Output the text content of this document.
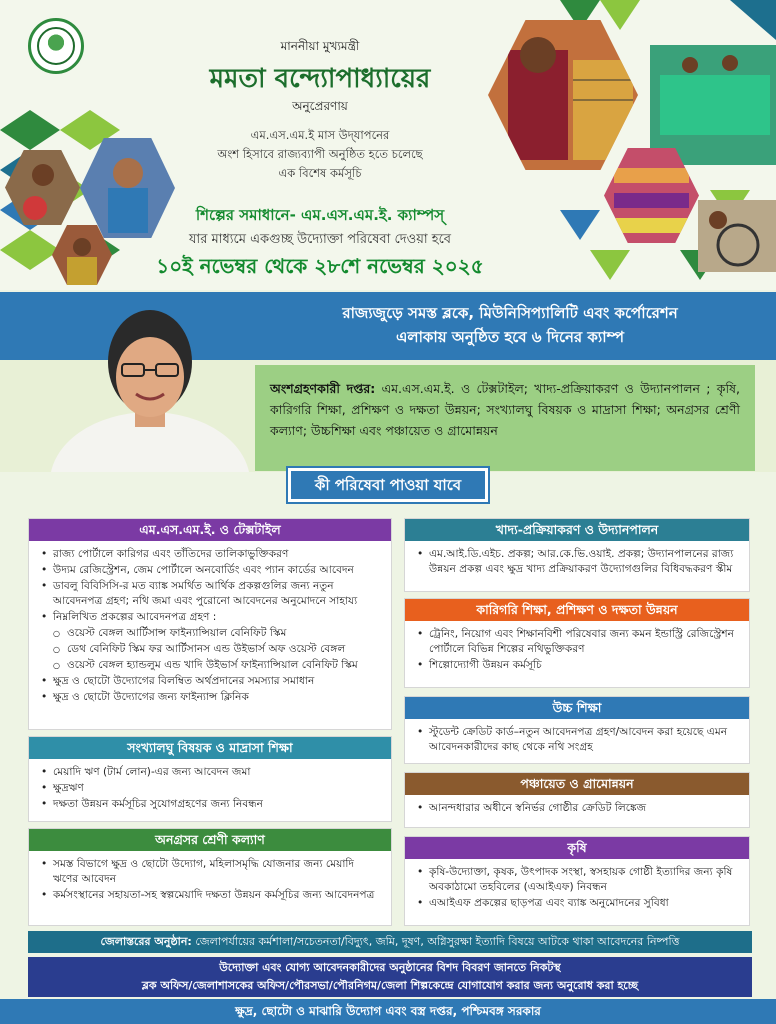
মাননীয়া মুখ্যমন্ত্রী
মমতা বন্দ্যোপাধ্যায়ের
অনুপ্রেরণায়
এম.এস.এম.ই মাস উদ্‌যাপনের
অংশ হিসাবে রাজ্যব্যাপী অনুষ্ঠিত হতে চলেছে
এক বিশেষ কর্মসূচি
শিল্পের সমাধানে- এম.এস.এম.ই. ক্যাম্পস্‌
যার মাধ্যমে একগুচ্ছ উদ্যোক্তা পরিষেবা দেওয়া হবে
১০ই নভেম্বর থেকে ২৮শে নভেম্বর ২০২৫
রাজ্যজুড়ে সমস্ত ব্লকে, মিউনিসিপ্যালিটি এবং কর্পোরেশন
এলাকায় অনুষ্ঠিত হবে ৬ দিনের ক্যাম্প
অংশগ্রহণকারী দপ্তর: এম.এস.এম.ই. ও টেক্সটাইল; খাদ্য-প্রক্রিয়াকরণ ও উদ্যানপালন ; কৃষি, কারিগরি শিক্ষা, প্রশিক্ষণ ও দক্ষতা উন্নয়ন; সংখ্যালঘু বিষয়ক ও মাদ্রাসা শিক্ষা; অনগ্রসর শ্রেণী কল্যাণ; উচ্চশিক্ষা এবং পঞ্চায়েত ও গ্রামোন্নয়ন
কী পরিষেবা পাওয়া যাবে
এম.এস.এম.ই. ও টেক্সটাইল
• রাজ্য পোর্টালে কারিগর এবং তাঁতিদের তালিকাভুক্তিকরণ
• উদ্যম রেজিস্ট্রেশন, জেম পোর্টালে অনবোর্ডিং এবং প্যান কার্ডের আবেদন
• ডাবলু বিবিসিসি-র মত ব্যাঙ্ক সমর্থিত আর্থিক প্রকল্পগুলির জন্য নতুন আবেদনপত্র গ্রহণ; নথি জমা এবং পুরোনো আবেদনের অনুমোদনে সাহায্য
• নিম্নলিখিত প্রকল্পের আবেদনপত্র গ্রহণ :
○ ওয়েস্ট বেঙ্গল আর্টিসান্স ফাইন্যান্সিয়াল বেনিফিট স্কিম
○ ডেথ বেনিফিট স্কিম ফর আর্টিসানস এন্ড উইভার্স অফ ওয়েস্ট বেঙ্গল
○ ওয়েস্ট বেঙ্গল হ্যান্ডলুম এন্ড খাদি উইভার্স ফাইন্যান্সিয়াল বেনিফিট স্কিম
• ক্ষুদ্র ও ছোটো উদ্যোগের বিলম্বিত অর্থপ্রদানের সমস্যার সমাধান
• ক্ষুদ্র ও ছোটো উদ্যোগের জন্য ফাইন্যান্স ক্লিনিক
সংখ্যালঘু বিষয়ক ও মাদ্রাসা শিক্ষা
• মেয়াদি ঋণ (টার্ম লোন)-এর জন্য আবেদন জমা
• ক্ষুদ্রঋণ
• দক্ষতা উন্নয়ন কর্মসূচির সুযোগগ্রহণের জন্য নিবন্ধন
অনগ্রসর শ্রেণী কল্যাণ
• সমস্ত বিভাগে ক্ষুদ্র ও ছোটো উদ্যোগ, মহিলাসমৃদ্ধি যোজনার জন্য মেয়াদি ঋণের আবেদন
• কর্মসংস্থানের সহায়তা-সহ স্বল্পমেয়াদি দক্ষতা উন্নয়ন কর্মসূচির জন্য আবেদনপত্র
খাদ্য-প্রক্রিয়াকরণ ও উদ্যানপালন
• এম.আই.ডি.এইচ. প্রকল্প; আর.কে.ভি.ওয়াই. প্রকল্প; উদ্যানপালনের রাজ্য উন্নয়ন প্রকল্প এবং ক্ষুদ্র খাদ্য প্রক্রিয়াকরণ উদ্যোগগুলির বিধিবদ্ধকরণ স্কীম
কারিগরি শিক্ষা, প্রশিক্ষণ ও দক্ষতা উন্নয়ন
• ট্রেনিং, নিয়োগ এবং শিক্ষানবিশী পরিষেবার জন্য কমন ইন্ডাস্ট্রি রেজিস্ট্রেশন পোর্টালে বিভিন্ন শিল্পের নথিভুক্তিকরণ
• শিল্পোদ্যোগী উন্নয়ন কর্মসূচি
উচ্চ শিক্ষা
• স্টুডেন্ট ক্রেডিট কার্ড–নতুন আবেদনপত্র গ্রহণ/আবেদন করা হয়েছে এমন আবেদনকারীদের কাছ থেকে নথি সংগ্রহ
পঞ্চায়েত ও গ্রামোন্নয়ন
• আনন্দধারার অধীনে স্বনির্ভর গোষ্ঠীর ক্রেডিট লিঙ্কেজ
কৃষি
• কৃষি-উদ্যোক্তা, কৃষক, উৎপাদক সংস্থা, স্বসহায়ক গোষ্ঠী ইত্যাদির জন্য কৃষি অবকাঠামো তহবিলের (এআইএফ) নিবন্ধন
• এআইএফ প্রকল্পের ছাড়পত্র এবং ব্যাঙ্ক অনুমোদনের সুবিধা
জেলাস্তরের অনুষ্ঠান: জেলাপর্যায়ের কর্মশালা/সচেতনতা/বিদ্যুৎ, জমি, দূষণ, অগ্নিসুরক্ষা ইত্যাদি বিষয়ে আটকে থাকা আবেদনের নিষ্পত্তি
উদ্যোক্তা এবং যোগ্য আবেদনকারীদের অনুষ্ঠানের বিশদ বিবরণ জানতে নিকটস্থ
ব্লক অফিস/জেলাশাসকের অফিস/পৌরসভা/পৌরনিগম/জেলা শিল্পকেন্দ্রে যোগাযোগ করার জন্য অনুরোধ করা হচ্ছে
ক্ষুদ্র, ছোটো ও মাঝারি উদ্যোগ এবং বস্ত্র দপ্তর, পশ্চিমবঙ্গ সরকার
